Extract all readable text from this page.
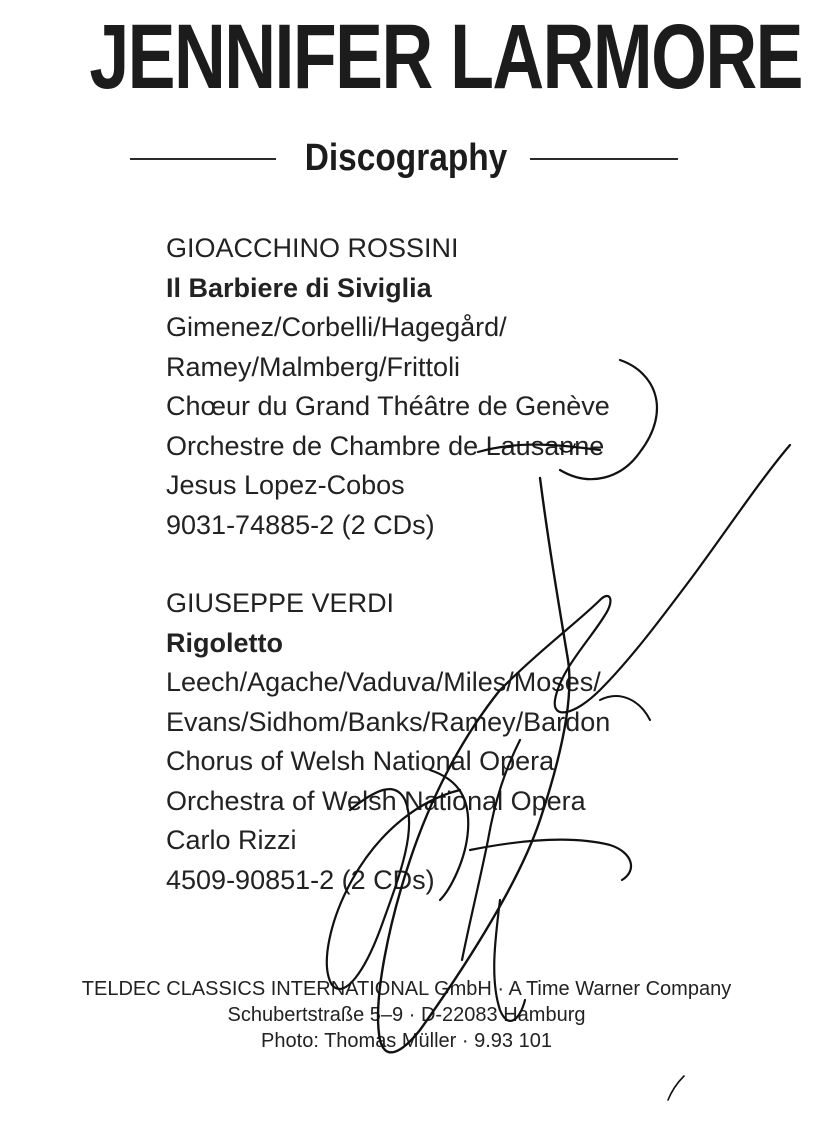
JENNIFER LARMORE
Discography
GIOACCHINO ROSSINI
Il Barbiere di Siviglia
Gimenez/Corbelli/Hagegård/
Ramey/Malmberg/Frittoli
Chœur du Grand Théâtre de Genève
Orchestre de Chambre de Lausanne
Jesus Lopez-Cobos
9031-74885-2 (2 CDs)
GIUSEPPE VERDI
Rigoletto
Leech/Agache/Vaduva/Miles/Moses/
Evans/Sidhom/Banks/Ramey/Bardon
Chorus of Welsh National Opera
Orchestra of Welsh National Opera
Carlo Rizzi
4509-90851-2 (2 CDs)
TELDEC CLASSICS INTERNATIONAL GmbH · A Time Warner Company
Schubertstraße 5–9 · D-22083 Hamburg
Photo: Thomas Müller · 9.93 101
